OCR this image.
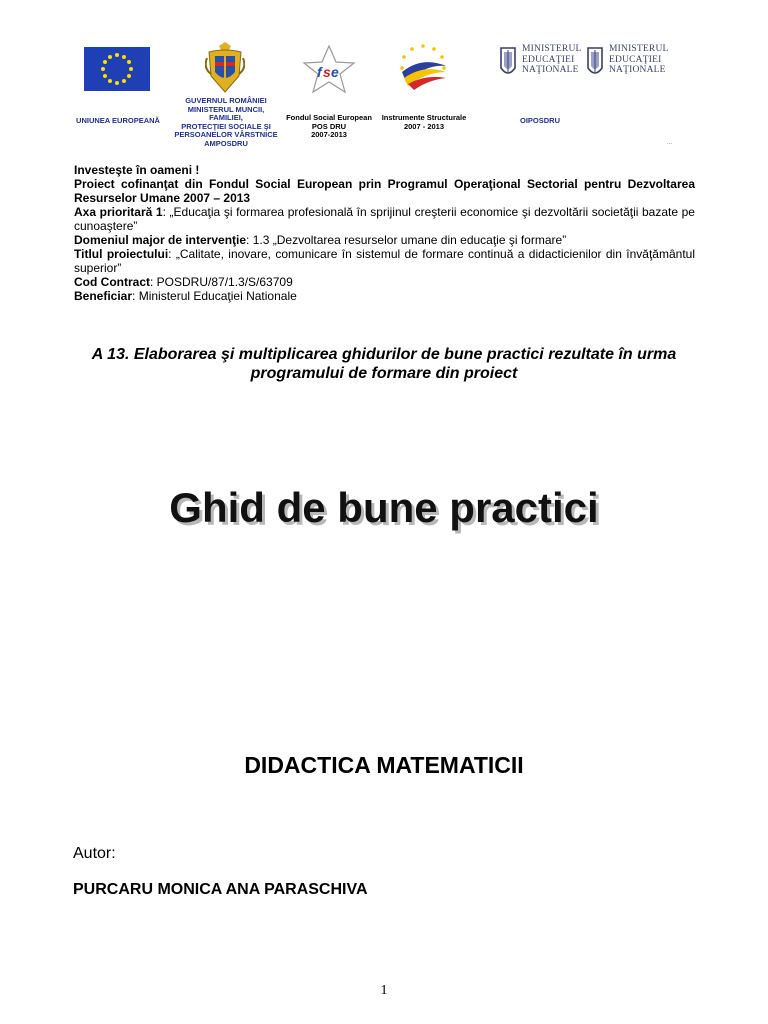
UNIUNEA EUROPEANĂ
GUVERNUL ROMÂNIEI
MINISTERUL MUNCII,
FAMILIEI,
PROTECŢIEI SOCIALE ŞI
PERSOANELOR VÂRSTNICE
AMPOSDRU
f s e
Fondul Social European
POS DRU
2007-2013
Instrumente Structurale
2007 - 2013
MINISTERUL
EDUCAŢIEI
NAŢIONALE
MINISTERUL
EDUCAŢIEI
NAŢIONALE
OIPOSDRU
...

Investeşte în oameni !

Proiect cofinanţat din Fondul Social European prin Programul Operaţional Sectorial pentru Dezvoltarea Resurselor Umane 2007 – 2013

Axa prioritară 1: „Educaţia şi formarea profesională în sprijinul creşterii economice şi dezvoltării societăţii bazate pe cunoaştere”

Domeniul major de intervenţie: 1.3 „Dezvoltarea resurselor umane din educaţie şi formare”

Titlul proiectului: „Calitate, inovare, comunicare în sistemul de formare continuă a didacticienilor din învăţământul superior”

Cod Contract: POSDRU/87/1.3/S/63709

Beneficiar: Ministerul Educaţiei Nationale

A 13. Elaborarea şi multiplicarea ghidurilor de bune practici rezultate în urma programului de formare din proiect
Ghid de bune practici
DIDACTICA MATEMATICII
Autor:
PURCARU MONICA ANA PARASCHIVA
1
